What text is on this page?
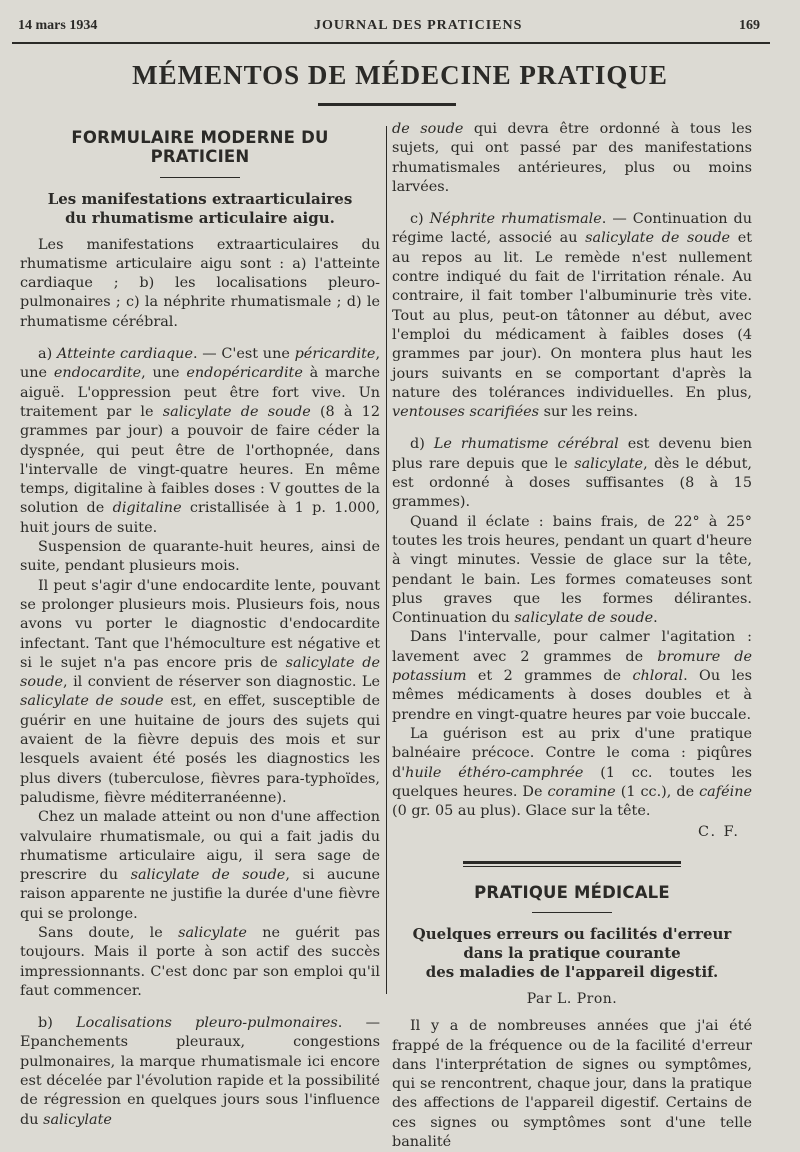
14 mars 1934	JOURNAL DES PRATICIENS	169
MÉMENTOS DE MÉDECINE PRATIQUE
FORMULAIRE MODERNE DU PRATICIEN
Les manifestations extraarticulaires
du rhumatisme articulaire aigu.

Les manifestations extraarticulaires du rhumatisme articulaire aigu sont : a) l'atteinte cardiaque ; b) les localisations pleuro-pulmonaires ; c) la néphrite rhumatismale ; d) le rhumatisme cérébral.

a) Atteinte cardiaque. — C'est une péricardite, une endocardite, une endopéricardite à marche aiguë. L'oppression peut être fort vive. Un traitement par le salicylate de soude (8 à 12 grammes par jour) a pouvoir de faire céder la dyspnée, qui peut être de l'orthopnée, dans l'intervalle de vingt-quatre heures. En même temps, digitaline à faibles doses : V gouttes de la solution de digitaline cristallisée à 1 p. 1.000, huit jours de suite.

Suspension de quarante-huit heures, ainsi de suite, pendant plusieurs mois.

Il peut s'agir d'une endocardite lente, pouvant se prolonger plusieurs mois. Plusieurs fois, nous avons vu porter le diagnostic d'endocardite infectant. Tant que l'hémoculture est négative et si le sujet n'a pas encore pris de salicylate de soude, il convient de réserver son diagnostic. Le salicylate de soude est, en effet, susceptible de guérir en une huitaine de jours des sujets qui avaient de la fièvre depuis des mois et sur lesquels avaient été posés les diagnostics les plus divers (tuberculose, fièvres para-typhoïdes, paludisme, fièvre méditerranéenne).

Chez un malade atteint ou non d'une affection valvulaire rhumatismale, ou qui a fait jadis du rhumatisme articulaire aigu, il sera sage de prescrire du salicylate de soude, si aucune raison apparente ne justifie la durée d'une fièvre qui se prolonge.

Sans doute, le salicylate ne guérit pas toujours. Mais il porte à son actif des succès impressionnants. C'est donc par son emploi qu'il faut commencer.

b) Localisations pleuro-pulmonaires. — Epanchements pleuraux, congestions pulmonaires, la marque rhumatismale ici encore est décelée par l'évolution rapide et la possibilité de régression en quelques jours sous l'influence du salicylate

de soude qui devra être ordonné à tous les sujets, qui ont passé par des manifestations rhumatismales antérieures, plus ou moins larvées.

c) Néphrite rhumatismale. — Continuation du régime lacté, associé au salicylate de soude et au repos au lit. Le remède n'est nullement contre indiqué du fait de l'irritation rénale. Au contraire, il fait tomber l'albuminurie très vite. Tout au plus, peut-on tâtonner au début, avec l'emploi du médicament à faibles doses (4 grammes par jour). On montera plus haut les jours suivants en se comportant d'après la nature des tolérances individuelles. En plus, ventouses scarifiées sur les reins.

d) Le rhumatisme cérébral est devenu bien plus rare depuis que le salicylate, dès le début, est ordonné à doses suffisantes (8 à 15 grammes).

Quand il éclate : bains frais, de 22° à 25° toutes les trois heures, pendant un quart d'heure à vingt minutes. Vessie de glace sur la tête, pendant le bain. Les formes comateuses sont plus graves que les formes délirantes. Continuation du salicylate de soude.

Dans l'intervalle, pour calmer l'agitation : lavement avec 2 grammes de bromure de potassium et 2 grammes de chloral. Ou les mêmes médicaments à doses doubles et à prendre en vingt-quatre heures par voie buccale.

La guérison est au prix d'une pratique balnéaire précoce. Contre le coma : piqûres d'huile éthéro-camphrée (1 cc. toutes les quelques heures. De coramine (1 cc.), de caféine (0 gr. 05 au plus). Glace sur la tête.

C. F.
PRATIQUE MÉDICALE
Quelques erreurs ou facilités d'erreur
dans la pratique courante
des maladies de l'appareil digestif.
Par L. Pron.

Il y a de nombreuses années que j'ai été frappé de la fréquence ou de la facilité d'erreur dans l'interprétation de signes ou symptômes, qui se rencontrent, chaque jour, dans la pratique des affections de l'appareil digestif. Certains de ces signes ou symptômes sont d'une telle banalité
